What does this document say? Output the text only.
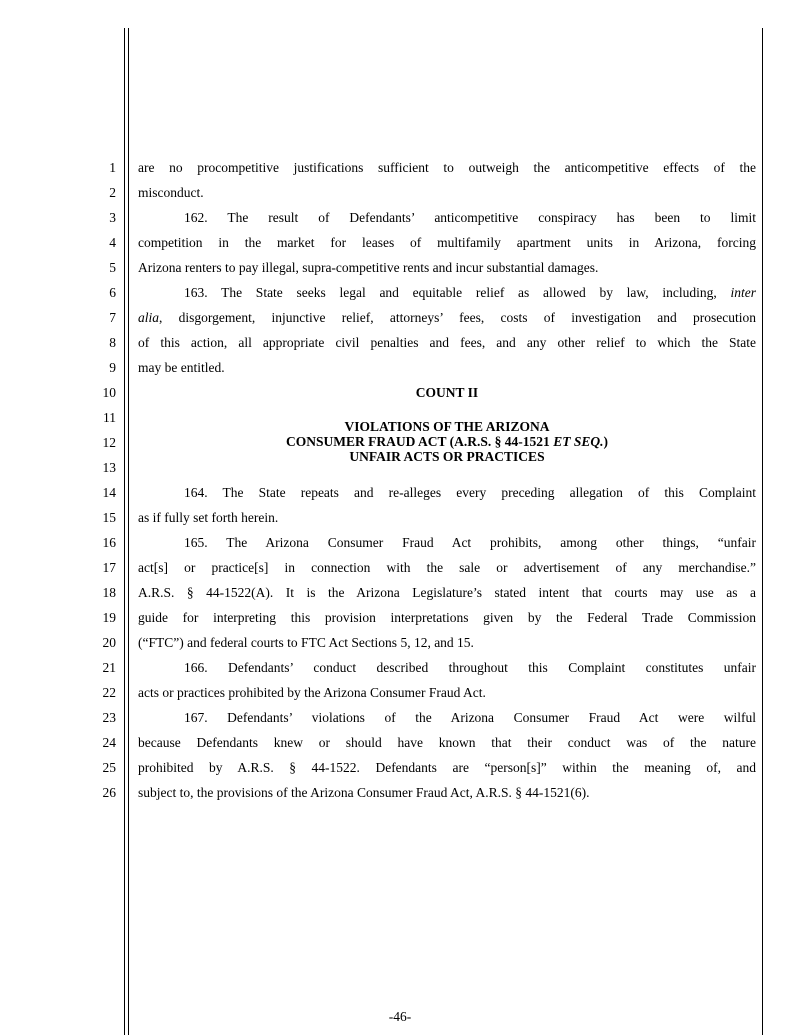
1
2
3
4
5
6
7
8
9
10
11
12
13
14
15
16
17
18
19
20
21
22
23
24
25
26
are no procompetitive justifications sufficient to outweigh the anticompetitive effects of the
misconduct.
162. The result of Defendants’ anticompetitive conspiracy has been to limit
competition in the market for leases of multifamily apartment units in Arizona, forcing
Arizona renters to pay illegal, supra-competitive rents and incur substantial damages.
163. The State seeks legal and equitable relief as allowed by law, including, inter
alia, disgorgement, injunctive relief, attorneys’ fees, costs of investigation and prosecution
of this action, all appropriate civil penalties and fees, and any other relief to which the State
may be entitled.
COUNT II
VIOLATIONS OF THE ARIZONA
CONSUMER FRAUD ACT (A.R.S. § 44-1521 ET SEQ.)
UNFAIR ACTS OR PRACTICES
164. The State repeats and re-alleges every preceding allegation of this Complaint
as if fully set forth herein.
165. The Arizona Consumer Fraud Act prohibits, among other things, “unfair
act[s] or practice[s] in connection with the sale or advertisement of any merchandise.”
A.R.S. § 44-1522(A). It is the Arizona Legislature’s stated intent that courts may use as a
guide for interpreting this provision interpretations given by the Federal Trade Commission
(“FTC”) and federal courts to FTC Act Sections 5, 12, and 15.
166. Defendants’ conduct described throughout this Complaint constitutes unfair
acts or practices prohibited by the Arizona Consumer Fraud Act.
167. Defendants’ violations of the Arizona Consumer Fraud Act were wilful
because Defendants knew or should have known that their conduct was of the nature
prohibited by A.R.S. § 44-1522. Defendants are “person[s]” within the meaning of, and
subject to, the provisions of the Arizona Consumer Fraud Act, A.R.S. § 44-1521(6).
-46-
